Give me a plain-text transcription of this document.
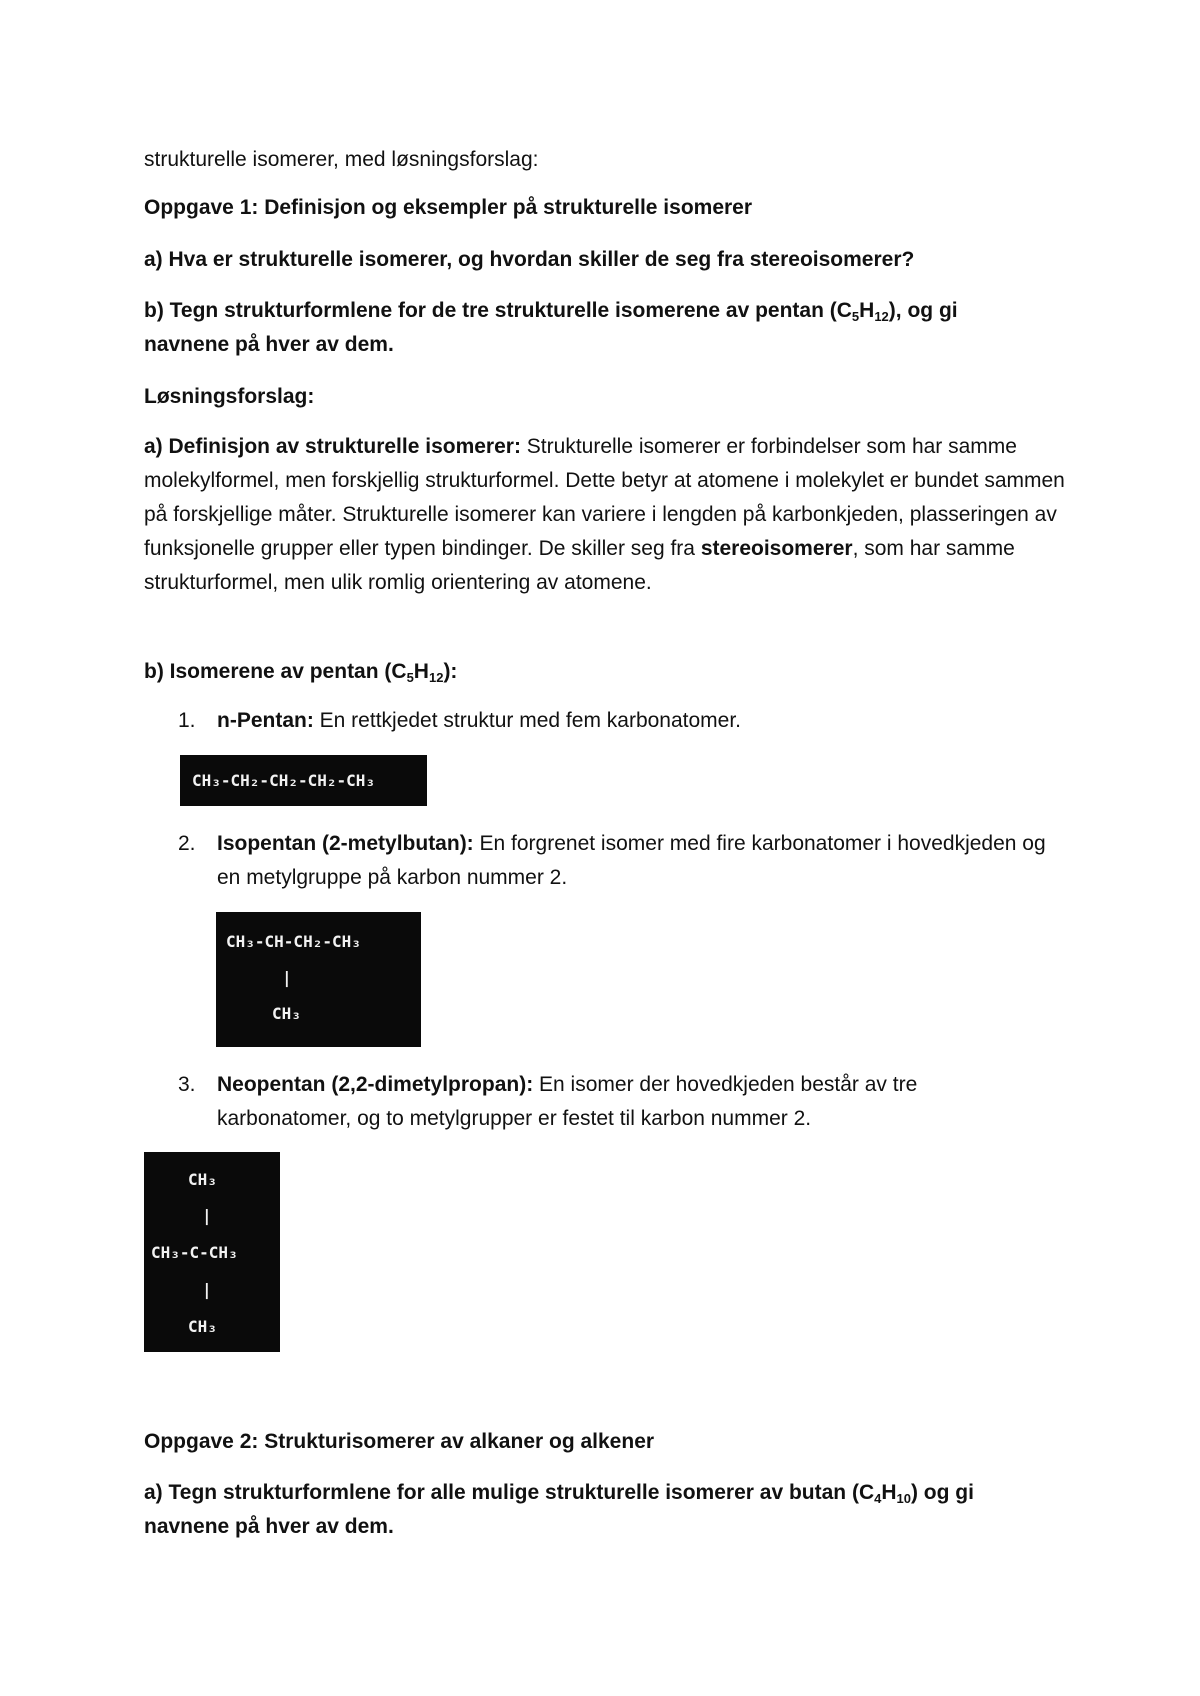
strukturelle isomerer, med løsningsforslag:

Oppgave 1: Definisjon og eksempler på strukturelle isomerer

a) Hva er strukturelle isomerer, og hvordan skiller de seg fra stereoisomerer?

b) Tegn strukturformlene for de tre strukturelle isomerene av pentan $(C_5H_{12})$, og gi

navnene på hver av dem.

Løsningsforslag:

a) Definisjon av strukturelle isomerer: Strukturelle isomerer er forbindelser som har samme molekylformel, men forskjellig strukturformel. Dette betyr at atomene i molekylet er bundet sammen på forskjellige måter. Strukturelle isomerer kan variere i lengden på karbonkjeden, plasseringen av funksjonelle grupper eller typen bindinger. De skiller seg fra stereoisomerer, som har samme strukturformel, men ulik romlig orientering av atomene.

b) Isomerene av pentan $(C_5H_{12})$:

1.	n-Pentan: En rettkjedet struktur med fem karbonatomer.

CH₃-CH₂-CH₂-CH₂-CH₃
2.	Isopentan (2-metylbutan): En forgrenet isomer med fire karbonatomer i hovedkjeden og en metylgruppe på karbon nummer 2.

CH₃-CH-CH₂-CH₃
|
CH₃
3.	Neopentan (2,2-dimetylpropan): En isomer der hovedkjeden består av tre karbonatomer, og to metylgrupper er festet til karbon nummer 2.

CH₃
|
CH₃-C-CH₃
|
CH₃

Oppgave 2: Strukturisomerer av alkaner og alkener

a) Tegn strukturformlene for alle mulige strukturelle isomerer av butan $(C_4H_{10})$ og gi

navnene på hver av dem.
